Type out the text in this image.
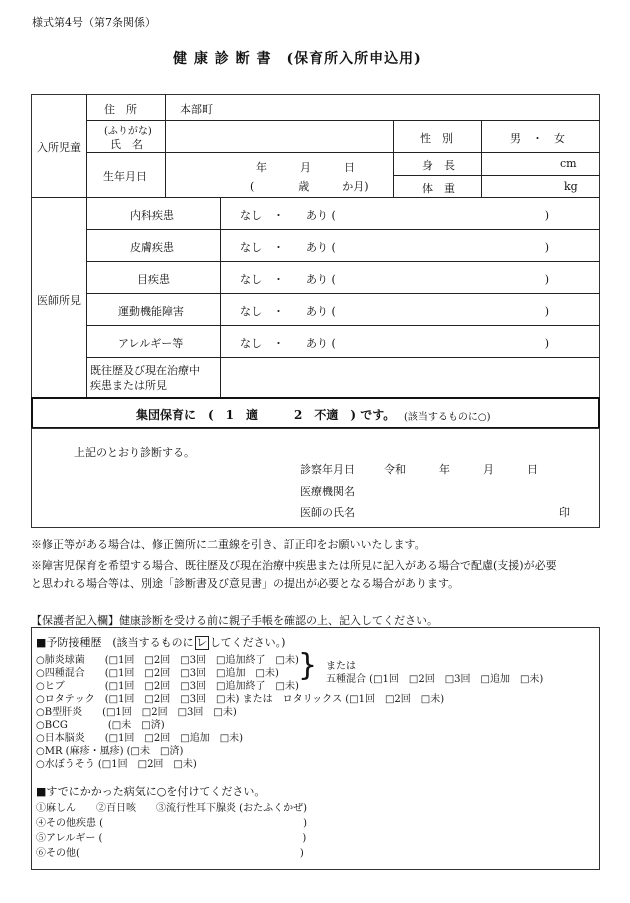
様式第4号（第7条関係）
健 康 診 断 書　(保育所入所申込用)
入所児童
住　所	本部町
(ふりがな)
氏　名	性　別	男　・　女
生年月日
年　　　月　　　日
(　　　　歳　　　か月)
身　長	cm
体　重	kg
医師所見
内科疾患	なし　・　　あり (　　　　　　　　　　　　　　　　　　　)
皮膚疾患	なし　・　　あり (　　　　　　　　　　　　　　　　　　　)
目疾患	なし　・　　あり (　　　　　　　　　　　　　　　　　　　)
運動機能障害	なし　・　　あり (　　　　　　　　　　　　　　　　　　　)
アレルギー等	なし　・　　あり (　　　　　　　　　　　　　　　　　　　)
既往歴及び現在治療中
疾患または所見
集団保育に　(　1　適　　　2　不適　) です。 (該当するものに○)
上記のとおり診断する。
診察年月日	令和　　　年　　　月　　　日
医療機関名
医師の氏名	印
※修正等がある場合は、修正箇所に二重線を引き、訂正印をお願いいたします。
※障害児保育を希望する場合、既往歴及び現在治療中疾患または所見に記入がある場合で配慮(支援)が必要
と思われる場合等は、別途「診断書及び意見書」の提出が必要となる場合があります。
【保護者記入欄】健康診断を受ける前に親子手帳を確認の上、記入してください。
■予防接種歴　(該当するものに レ してください。)
○肺炎球菌　　(□1回　□2回　□3回　□追加終了　□未)
○四種混合　　(□1回　□2回　□3回　□追加　□未)
○ヒブ　　　　(□1回　□2回　□3回　□追加終了　□未)
○ロタテック　(□1回　□2回　□3回　□未) または　ロタリックス (□1回　□2回　□未)
○B型肝炎　　(□1回　□2回　□3回　□未)
○BCG　　　　(□未　□済)
○日本脳炎　　(□1回　□2回　□追加　□未)
○MR (麻疹・風疹) (□未　□済)
○水ぼうそう (□1回　□2回　□未)
} または
五種混合 (□1回　□2回　□3回　□追加　□未)
■すでにかかった病気に○を付けてください。
①麻しん　　②百日咳　　③流行性耳下腺炎 (おたふくかぜ)
④その他疾患 (　　　　　　　　　　　　　　　　　　　　)
⑤アレルギー (　　　　　　　　　　　　　　　　　　　　)
⑥その他(　　　　　　　　　　　　　　　　　　　　　　)
